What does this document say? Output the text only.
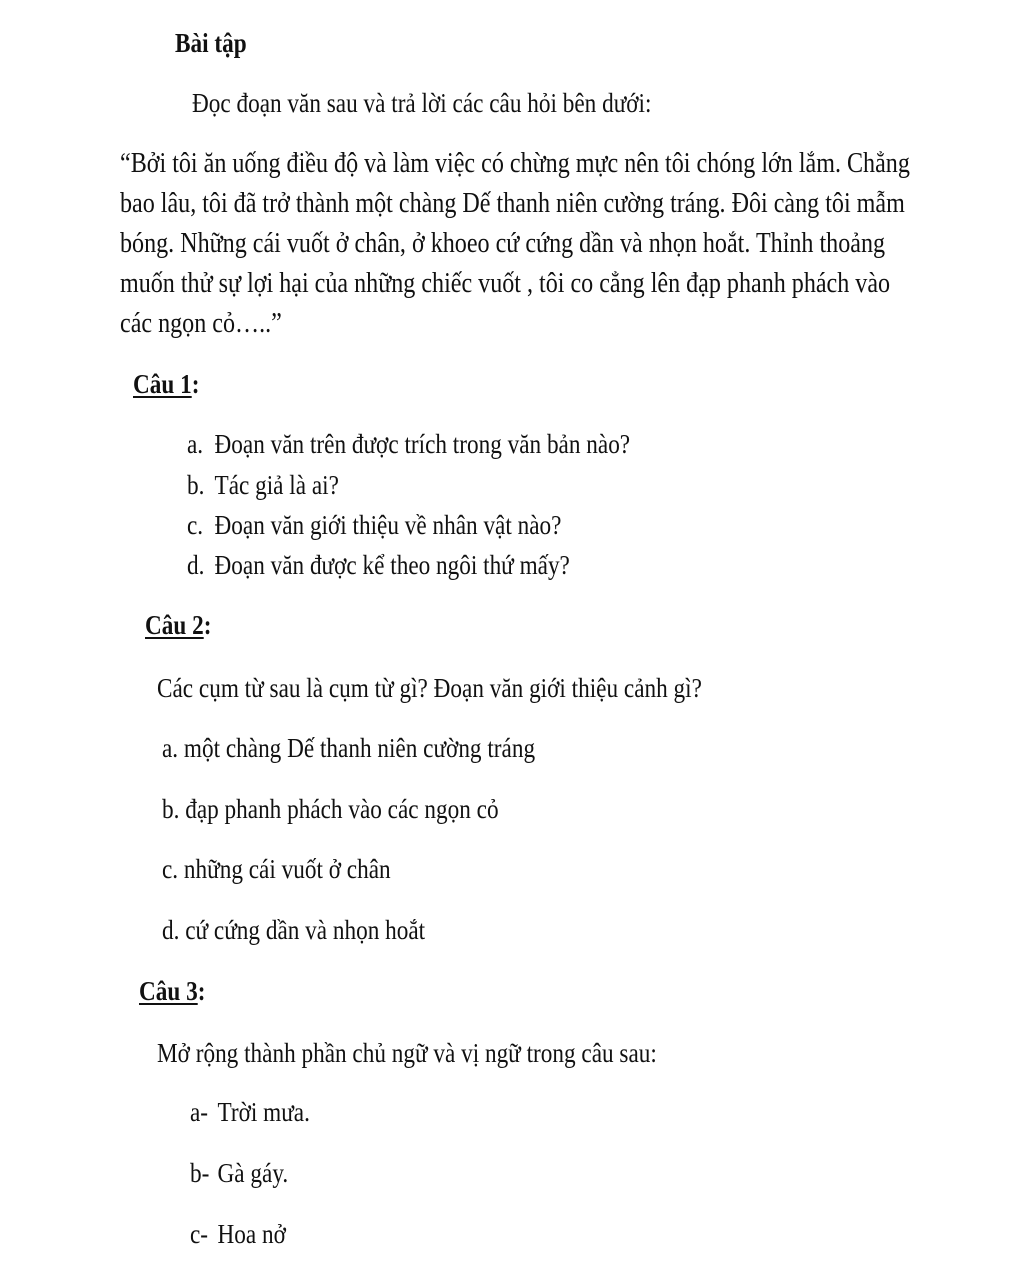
Bài tập
Đọc đoạn văn sau và trả lời các câu hỏi bên dưới:
“Bởi tôi ăn uống điều độ và làm việc có chừng mực nên tôi chóng lớn lắm. Chẳng
bao lâu, tôi đã trở thành một chàng Dế thanh niên cường tráng. Đôi càng tôi mẫm
bóng. Những cái vuốt ở chân, ở khoeo cứ cứng dần và nhọn hoắt. Thỉnh thoảng
muốn thử sự lợi hại của những chiếc vuốt , tôi co cẳng lên đạp phanh phách vào
các ngọn cỏ…..”
Câu 1:
a. Đoạn văn trên được trích trong văn bản nào?
b. Tác giả là ai?
c. Đoạn văn giới thiệu về nhân vật nào?
d. Đoạn văn được kể theo ngôi thứ mấy?
Câu 2:
Các cụm từ sau là cụm từ gì? Đoạn văn giới thiệu cảnh gì?
a. một chàng Dế thanh niên cường tráng
b. đạp phanh phách vào các ngọn cỏ
c. những cái vuốt ở chân
d. cứ cứng dần và nhọn hoắt
Câu 3:
Mở rộng thành phần chủ ngữ và vị ngữ trong câu sau:
a- Trời mưa.
b- Gà gáy.
c- Hoa nở
